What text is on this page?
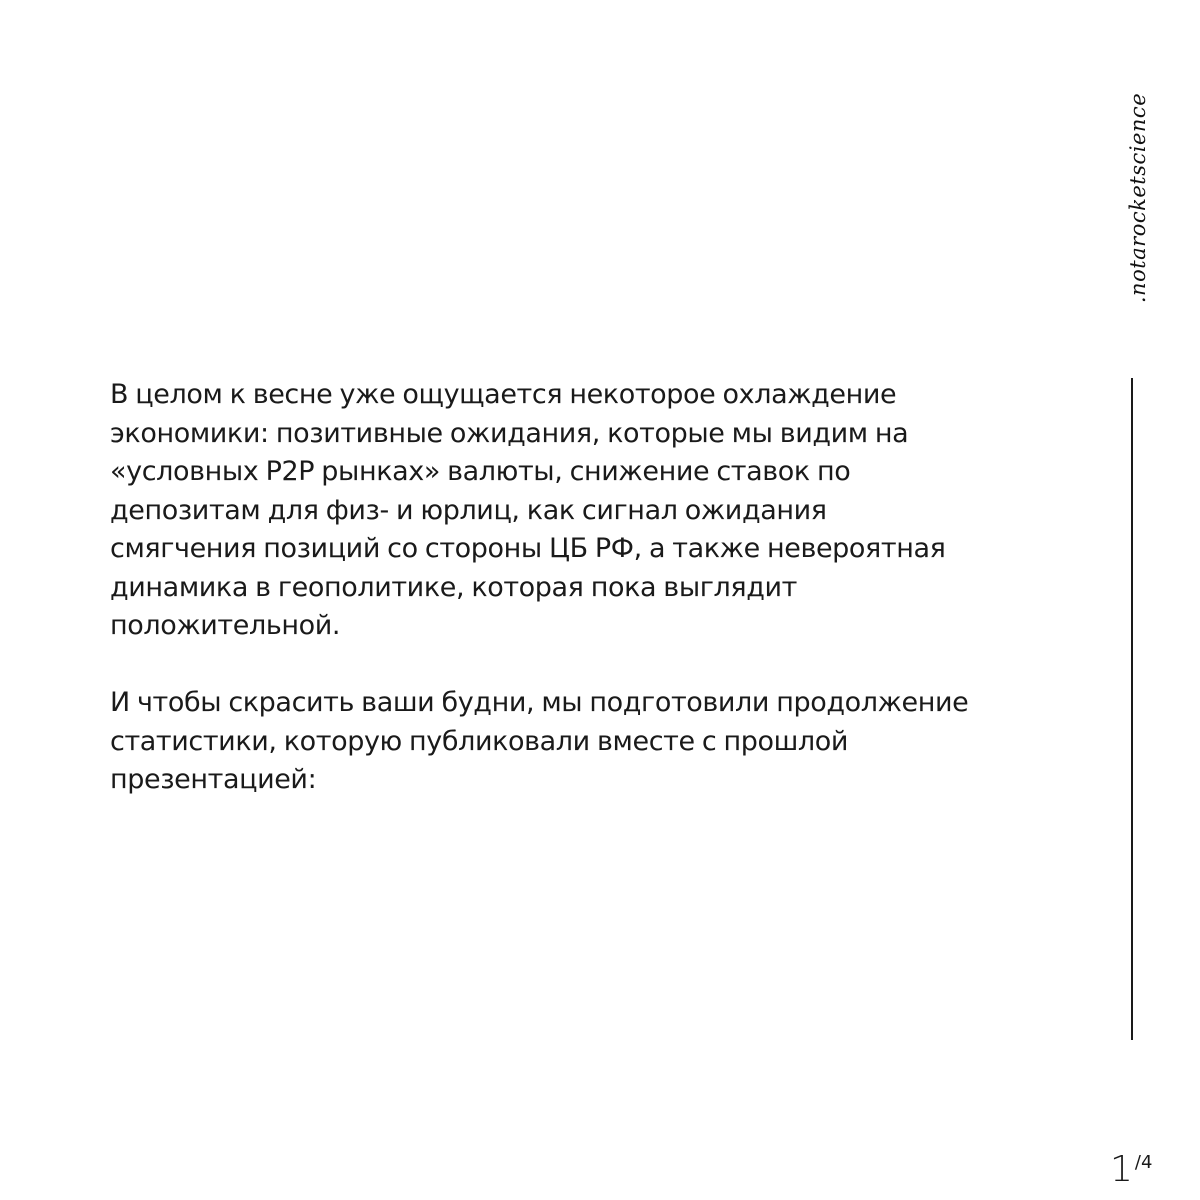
.notarocketscience

В целом к весне уже ощущается некоторое охлаждение
экономики: позитивные ожидания, которые мы видим на
«условных P2P рынках» валюты, снижение ставок по
депозитам для физ- и юрлиц, как сигнал ожидания
смягчения позиций со стороны ЦБ РФ, а также невероятная
динамика в геополитике, которая пока выглядит
положительной.

И чтобы скрасить ваши будни, мы подготовили продолжение
статистики, которую публиковали вместе с прошлой
презентацией:

1 /4
